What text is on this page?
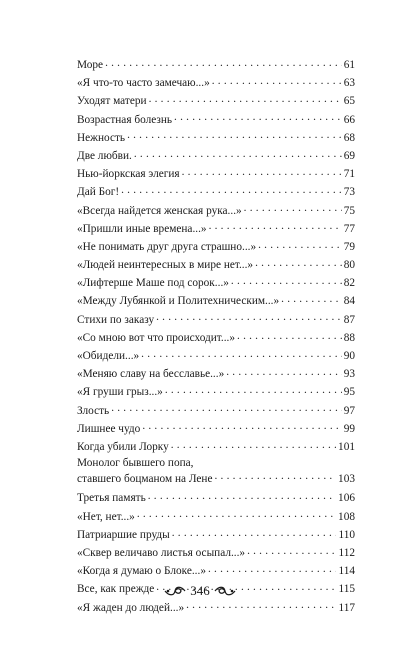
Море . . .	61
«Я что-то часто замечаю...» . . .	63
Уходят матери . . .	65
Возрастная болезнь . . .	66
Нежность . . .	68
Две любви. . . .	69
Нью-йоркская элегия . . .	71
Дай Бог! . . .	73
«Всегда найдется женская рука...» . . .	75
«Пришли иные времена...» . . .	77
«Не понимать друг друга страшно...» . . .	79
«Людей неинтересных в мире нет...» . . .	80
«Лифтерше Маше под сорок...» . . .	82
«Между Лубянкой и Политехническим...» . . .	84
Стихи по заказу . . .	87
«Со мною вот что происходит...» . . .	88
«Обидели...» . . .	90
«Меняю славу на бесславье...» . . .	93
«Я груши грыз...» . . .	95
Злость . . .	97
Лишнее чудо . . .	99
Когда убили Лорку . . .	101
Монолог бывшего попа,
ставшего боцманом на Лене . . .	103
Третья память . . .	106
«Нет, нет...» . . .	108
Патриаршие пруды . . .	110
«Сквер величаво листья осыпал...» . . .	112
«Когда я думаю о Блоке...» . . .	114
Все, как прежде . . .	115
«Я жаден до людей...» . . .	117
346
